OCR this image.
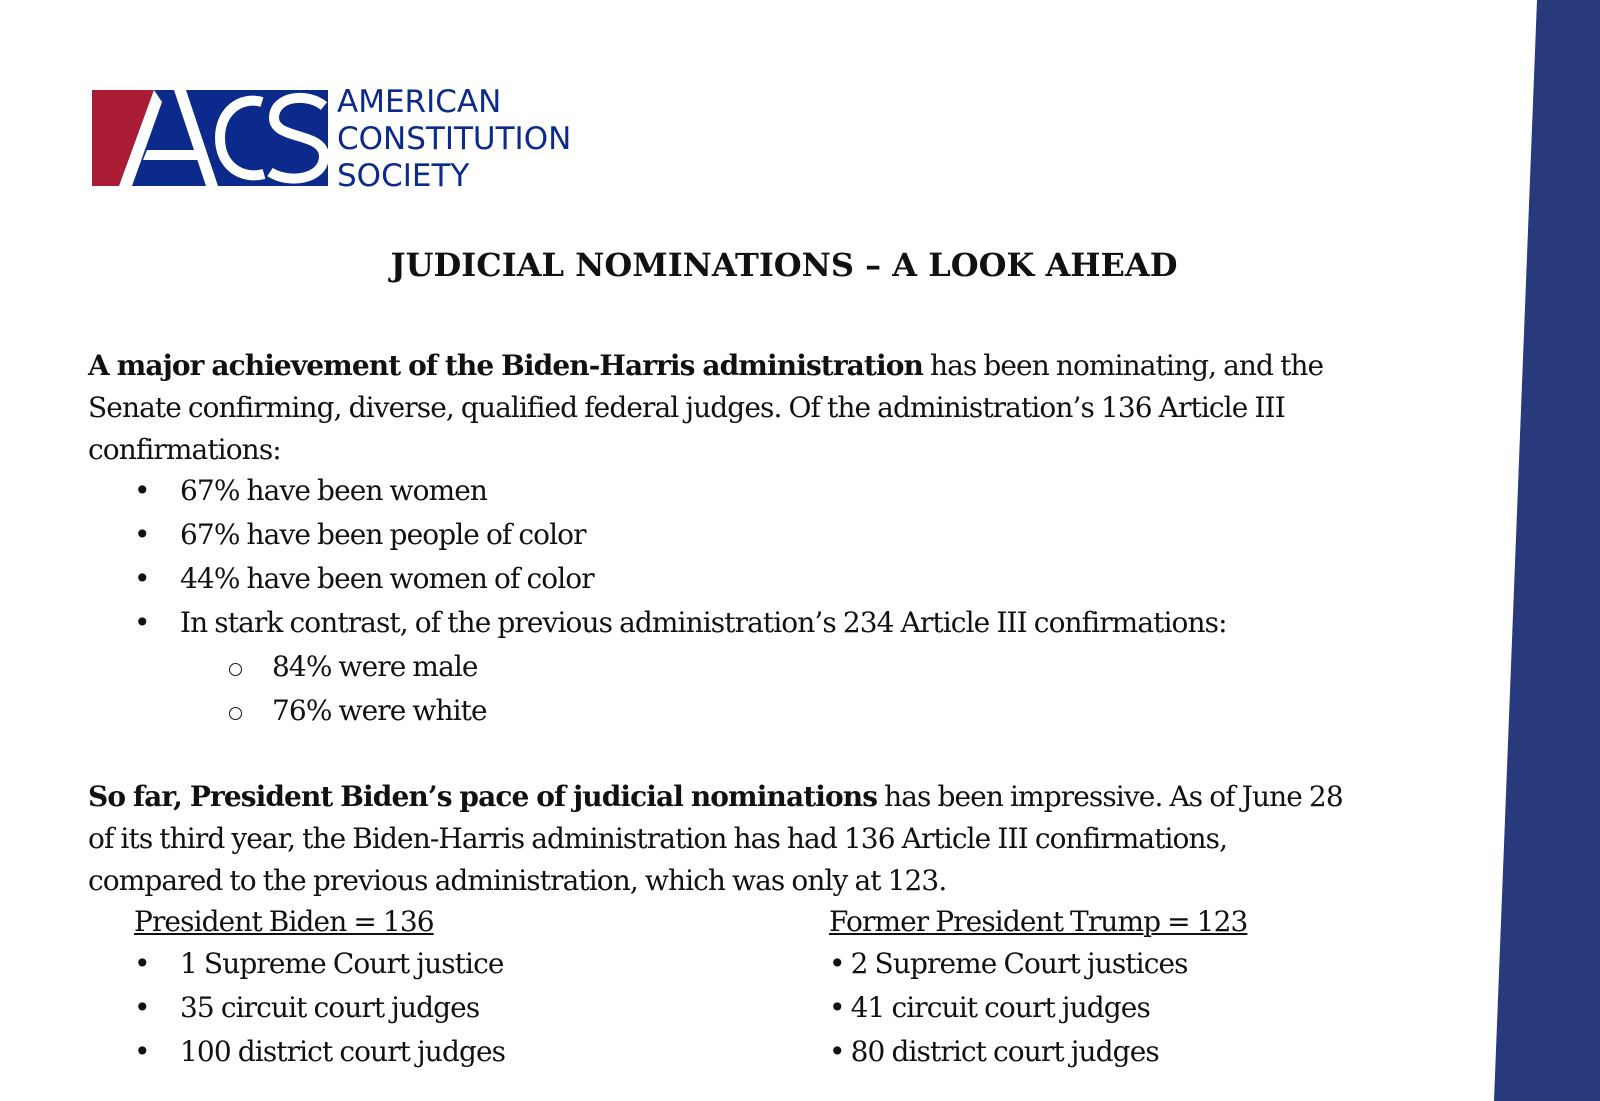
AMERICAN
CONSTITUTION
SOCIETY
JUDICIAL NOMINATIONS – A LOOK AHEAD
A major achievement of the Biden-Harris administration has been nominating, and the Senate confirming, diverse, qualified federal judges. Of the administration’s 136 Article III confirmations:
• 67% have been women
• 67% have been people of color
• 44% have been women of color
• In stark contrast, of the previous administration’s 234 Article III confirmations:
84% were male
76% were white
So far, President Biden’s pace of judicial nominations has been impressive. As of June 28 of its third year, the Biden-Harris administration has had 136 Article III confirmations, compared to the previous administration, which was only at 123.
President Biden = 136	Former President Trump = 123
• 1 Supreme Court justice
• 35 circuit court judges
• 100 district court judges
• 2 Supreme Court justices
• 41 circuit court judges
• 80 district court judges
